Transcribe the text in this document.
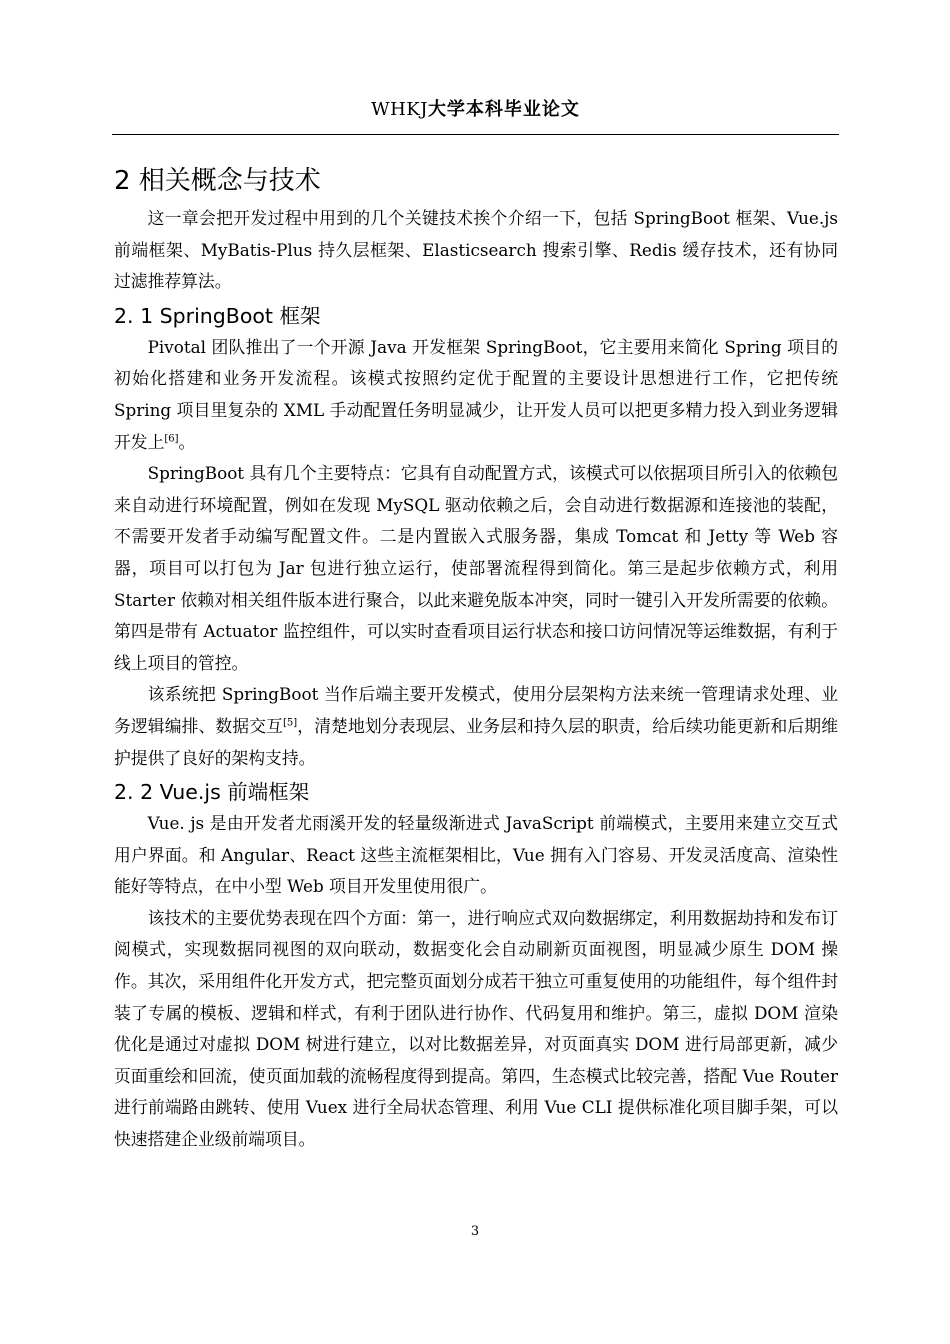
WHKJ大学本科毕业论文
2 相关概念与技术

这一章会把开发过程中用到的几个关键技术挨个介绍一下，包括 SpringBoot 框架、Vue.js 前端框架、MyBatis-Plus 持久层框架、Elasticsearch 搜索引擎、Redis 缓存技术，还有协同过滤推荐算法。

2. 1 SpringBoot 框架

Pivotal 团队推出了一个开源 Java 开发框架 SpringBoot，它主要用来简化 Spring 项目的初始化搭建和业务开发流程。该模式按照约定优于配置的主要设计思想进行工作，它把传统 Spring 项目里复杂的 XML 手动配置任务明显减少，让开发人员可以把更多精力投入到业务逻辑开发上[6]。

SpringBoot 具有几个主要特点：它具有自动配置方式，该模式可以依据项目所引入的依赖包来自动进行环境配置，例如在发现 MySQL 驱动依赖之后，会自动进行数据源和连接池的装配，不需要开发者手动编写配置文件。二是内置嵌入式服务器，集成 Tomcat 和 Jetty 等 Web 容器，项目可以打包为 Jar 包进行独立运行，使部署流程得到简化。第三是起步依赖方式，利用 Starter 依赖对相关组件版本进行聚合，以此来避免版本冲突，同时一键引入开发所需要的依赖。第四是带有 Actuator 监控组件，可以实时查看项目运行状态和接口访问情况等运维数据，有利于线上项目的管控。

该系统把 SpringBoot 当作后端主要开发模式，使用分层架构方法来统一管理请求处理、业务逻辑编排、数据交互[5]，清楚地划分表现层、业务层和持久层的职责，给后续功能更新和后期维护提供了良好的架构支持。

2. 2 Vue.js 前端框架

Vue. js 是由开发者尤雨溪开发的轻量级渐进式 JavaScript 前端模式，主要用来建立交互式用户界面。和 Angular、React 这些主流框架相比，Vue 拥有入门容易、开发灵活度高、渲染性能好等特点，在中小型 Web 项目开发里使用很广。

该技术的主要优势表现在四个方面：第一，进行响应式双向数据绑定，利用数据劫持和发布订阅模式，实现数据同视图的双向联动，数据变化会自动刷新页面视图，明显减少原生 DOM 操作。其次，采用组件化开发方式，把完整页面划分成若干独立可重复使用的功能组件，每个组件封装了专属的模板、逻辑和样式，有利于团队进行协作、代码复用和维护。第三，虚拟 DOM 渲染优化是通过对虚拟 DOM 树进行建立，以对比数据差异，对页面真实 DOM 进行局部更新，减少页面重绘和回流，使页面加载的流畅程度得到提高。第四，生态模式比较完善，搭配 Vue Router 进行前端路由跳转、使用 Vuex 进行全局状态管理、利用 Vue CLI 提供标准化项目脚手架，可以快速搭建企业级前端项目。

3
